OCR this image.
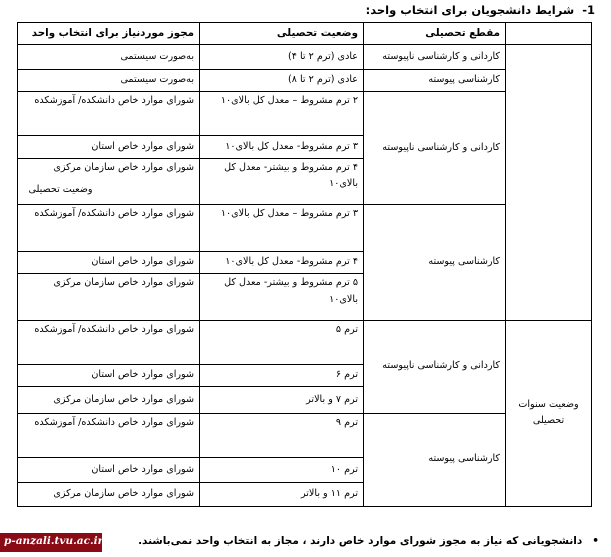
1-شرایط دانشجویان برای انتخاب واحد:
	مقطع تحصیلی	وضعیت تحصیلی	مجوز موردنیاز برای انتخاب واحد
	کاردانی و کارشناسی ناپیوسته	عادی (ترم ۲ تا ۴)	به‌صورت سیستمی
	کارشناسی پیوسته	عادی (ترم ۲ تا ۸)	به‌صورت سیستمی
	کاردانی و کارشناسی ناپیوسته	۲ ترم مشروط – معدل کل بالای۱۰	شورای موارد خاص دانشکده/ آموزشکده
		۳ ترم مشروط- معدل کل بالای۱۰	شورای موارد خاص استان
		۴ ترم مشروط و بیشتر- معدل کل بالای۱۰	شورای موارد خاص سازمان مرکزی
	کارشناسی پیوسته	۳ ترم مشروط – معدل کل بالای۱۰	شورای موارد خاص دانشکده/ آموزشکده
		۴ ترم مشروط- معدل کل بالای۱۰	شورای موارد خاص استان
		۵ ترم مشروط و بیشتر- معدل کل بالای۱۰	شورای موارد خاص سازمان مرکزی
وضعیت سنوات تحصیلی	کاردانی و کارشناسی ناپیوسته	ترم ۵	شورای موارد خاص دانشکده/ آموزشکده
		ترم ۶	شورای موارد خاص استان
		ترم ۷ و بالاتر	شورای موارد خاص سازمان مرکزی
	کارشناسی پیوسته	ترم ۹	شورای موارد خاص دانشکده/ آموزشکده
		ترم ۱۰	شورای موارد خاص استان
		ترم ۱۱ و بالاتر	شورای موارد خاص سازمان مرکزی
وضعیت تحصیلی
p-anzali.tvu.ac.ir	•دانشجویانی که نیاز به مجوز شورای موارد خاص دارند ، مجاز به انتخاب واحد نمی‌باشند.
